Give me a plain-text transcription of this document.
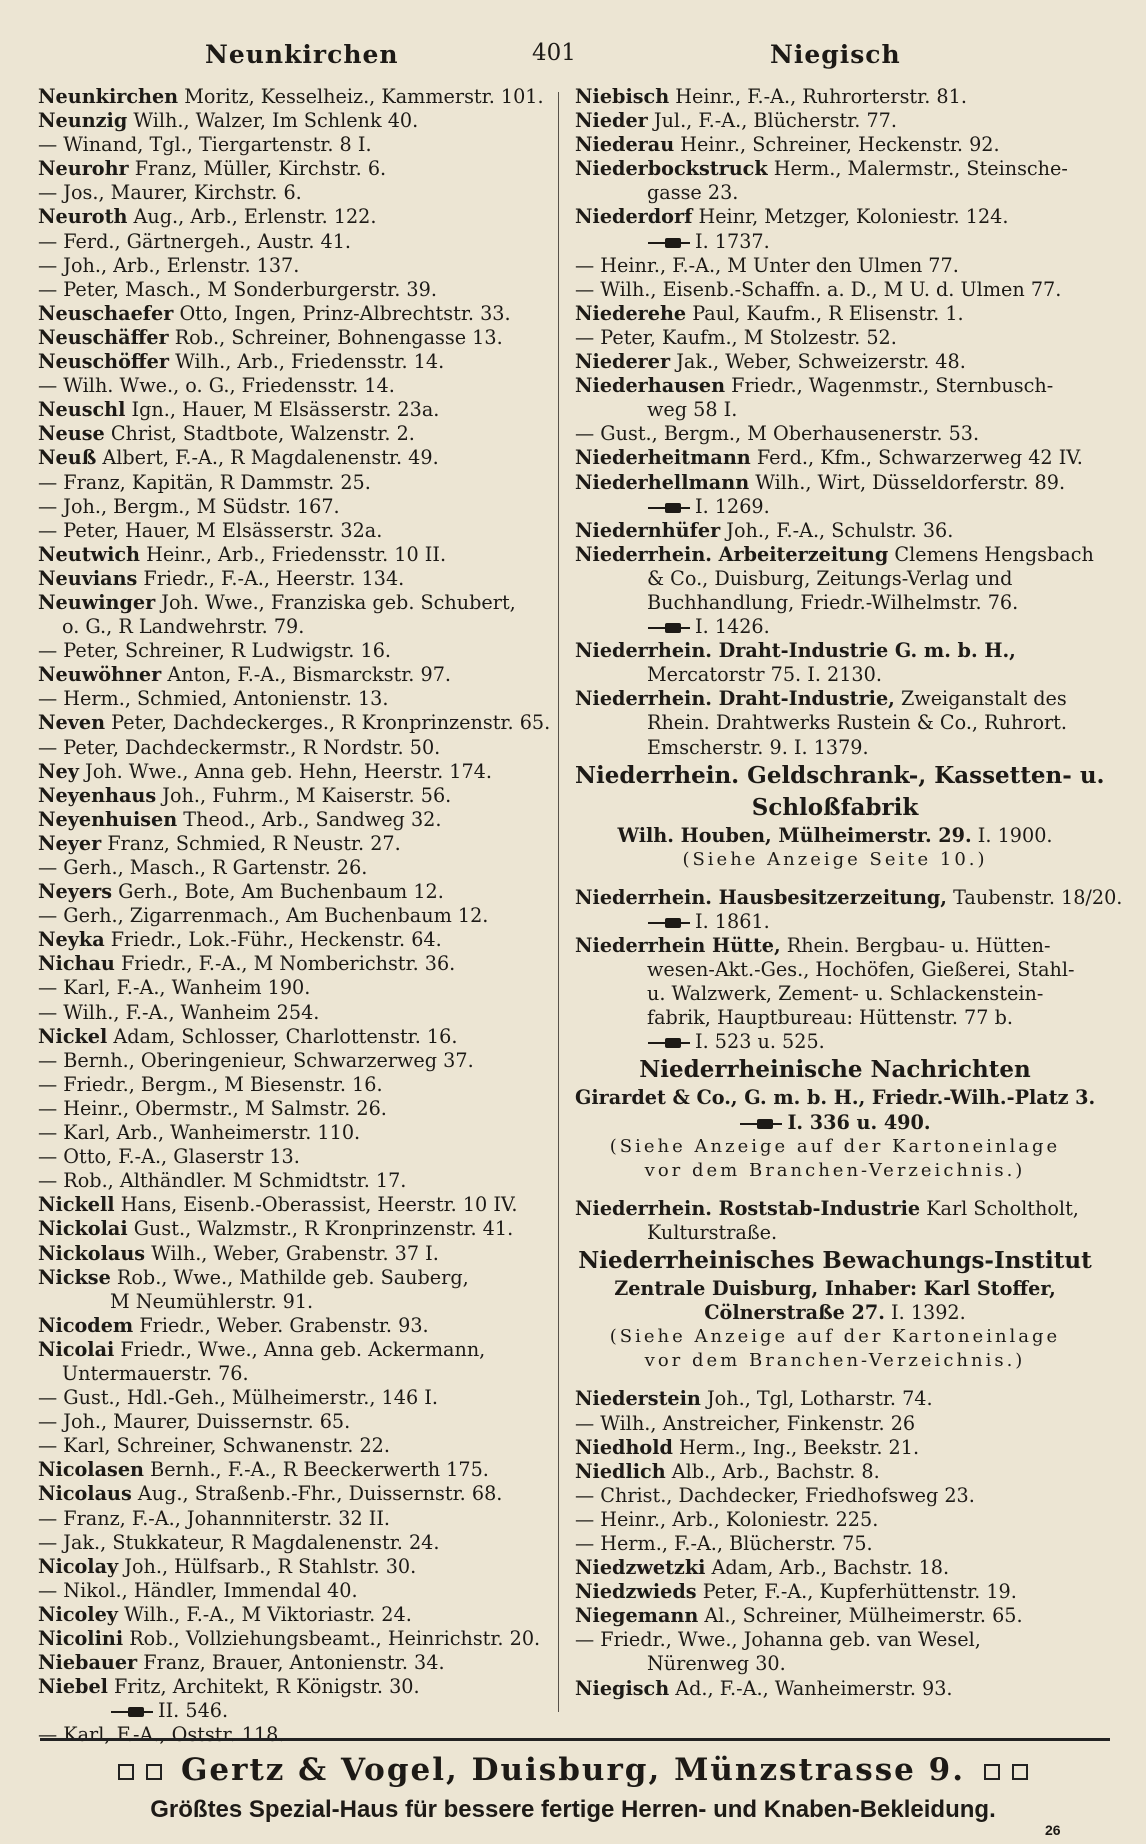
Neunkirchen	401	Niegisch
Neunkirchen Moritz, Kesselheiz., Kammerstr. 101.
Neunzig Wilh., Walzer, Im Schlenk 40.
— Winand, Tgl., Tiergartenstr. 8 I.
Neurohr Franz, Müller, Kirchstr. 6.
— Jos., Maurer, Kirchstr. 6.
Neuroth Aug., Arb., Erlenstr. 122.
— Ferd., Gärtnergeh., Austr. 41.
— Joh., Arb., Erlenstr. 137.
— Peter, Masch., M Sonderburgerstr. 39.
Neuschaefer Otto, Ingen, Prinz-Albrechtstr. 33.
Neuschäffer Rob., Schreiner, Bohnengasse 13.
Neuschöffer Wilh., Arb., Friedensstr. 14.
— Wilh. Wwe., o. G., Friedensstr. 14.
Neuschl Ign., Hauer, M Elsässerstr. 23a.
Neuse Christ, Stadtbote, Walzenstr. 2.
Neuß Albert, F.-A., R Magdalenenstr. 49.
— Franz, Kapitän, R Dammstr. 25.
— Joh., Bergm., M Südstr. 167.
— Peter, Hauer, M Elsässerstr. 32a.
Neutwich Heinr., Arb., Friedensstr. 10 II.
Neuvians Friedr., F.-A., Heerstr. 134.
Neuwinger Joh. Wwe., Franziska geb. Schubert,
o. G., R Landwehrstr. 79.
— Peter, Schreiner, R Ludwigstr. 16.
Neuwöhner Anton, F.-A., Bismarckstr. 97.
— Herm., Schmied, Antonienstr. 13.
Neven Peter, Dachdeckerges., R Kronprinzenstr. 65.
— Peter, Dachdeckermstr., R Nordstr. 50.
Ney Joh. Wwe., Anna geb. Hehn, Heerstr. 174.
Neyenhaus Joh., Fuhrm., M Kaiserstr. 56.
Neyenhuisen Theod., Arb., Sandweg 32.
Neyer Franz, Schmied, R Neustr. 27.
— Gerh., Masch., R Gartenstr. 26.
Neyers Gerh., Bote, Am Buchenbaum 12.
— Gerh., Zigarrenmach., Am Buchenbaum 12.
Neyka Friedr., Lok.-Führ., Heckenstr. 64.
Nichau Friedr., F.-A., M Nomberichstr. 36.
— Karl, F.-A., Wanheim 190.
— Wilh., F.-A., Wanheim 254.
Nickel Adam, Schlosser, Charlottenstr. 16.
— Bernh., Oberingenieur, Schwarzerweg 37.
— Friedr., Bergm., M Biesenstr. 16.
— Heinr., Obermstr., M Salmstr. 26.
— Karl, Arb., Wanheimerstr. 110.
— Otto, F.-A., Glaserstr 13.
— Rob., Althändler. M Schmidtstr. 17.
Nickell Hans, Eisenb.-Oberassist, Heerstr. 10 IV.
Nickolai Gust., Walzmstr., R Kronprinzenstr. 41.
Nickolaus Wilh., Weber, Grabenstr. 37 I.
Nickse Rob., Wwe., Mathilde geb. Sauberg,
M Neumühlerstr. 91.
Nicodem Friedr., Weber. Grabenstr. 93.
Nicolai Friedr., Wwe., Anna geb. Ackermann,
Untermauerstr. 76.
— Gust., Hdl.-Geh., Mülheimerstr., 146 I.
— Joh., Maurer, Duissernstr. 65.
— Karl, Schreiner, Schwanenstr. 22.
Nicolasen Bernh., F.-A., R Beeckerwerth 175.
Nicolaus Aug., Straßenb.-Fhr., Duissernstr. 68.
— Franz, F.-A., Johannniterstr. 32 II.
— Jak., Stukkateur, R Magdalenenstr. 24.
Nicolay Joh., Hülfsarb., R Stahlstr. 30.
— Nikol., Händler, Immendal 40.
Nicoley Wilh., F.-A., M Viktoriastr. 24.
Nicolini Rob., Vollziehungsbeamt., Heinrichstr. 20.
Niebauer Franz, Brauer, Antonienstr. 34.
Niebel Fritz, Architekt, R Königstr. 30.
II. 546.
— Karl, F.-A., Oststr. 118.
Niebisch Heinr., F.-A., Ruhrorterstr. 81.
Nieder Jul., F.-A., Blücherstr. 77.
Niederau Heinr., Schreiner, Heckenstr. 92.
Niederbockstruck Herm., Malermstr., Steinsche-
gasse 23.
Niederdorf Heinr, Metzger, Koloniestr. 124.
I. 1737.
— Heinr., F.-A., M Unter den Ulmen 77.
— Wilh., Eisenb.-Schaffn. a. D., M U. d. Ulmen 77.
Niederehe Paul, Kaufm., R Elisenstr. 1.
— Peter, Kaufm., M Stolzestr. 52.
Niederer Jak., Weber, Schweizerstr. 48.
Niederhausen Friedr., Wagenmstr., Sternbusch-
weg 58 I.
— Gust., Bergm., M Oberhausenerstr. 53.
Niederheitmann Ferd., Kfm., Schwarzerweg 42 IV.
Niederhellmann Wilh., Wirt, Düsseldorferstr. 89.
I. 1269.
Niedernhüfer Joh., F.-A., Schulstr. 36.
Niederrhein. Arbeiterzeitung Clemens Hengsbach
& Co., Duisburg, Zeitungs-Verlag und
Buchhandlung, Friedr.-Wilhelmstr. 76.
I. 1426.
Niederrhein. Draht-Industrie G. m. b. H.,
Mercatorstr 75. I. 2130.
Niederrhein. Draht-Industrie, Zweiganstalt des
Rhein. Drahtwerks Rustein & Co., Ruhrort.
Emscherstr. 9. I. 1379.
Niederrhein. Geldschrank-, Kassetten- u.
Schloßfabrik
Wilh. Houben, Mülheimerstr. 29. I. 1900.
(Siehe Anzeige Seite 10.)
Niederrhein. Hausbesitzerzeitung, Taubenstr. 18/20.
I. 1861.
Niederrhein Hütte, Rhein. Bergbau- u. Hütten-
wesen-Akt.-Ges., Hochöfen, Gießerei, Stahl-
u. Walzwerk, Zement- u. Schlackenstein-
fabrik, Hauptbureau: Hüttenstr. 77 b.
I. 523 u. 525.
Niederrheinische Nachrichten
Girardet & Co., G. m. b. H., Friedr.-Wilh.-Platz 3.
I. 336 u. 490.
(Siehe Anzeige auf der Kartoneinlage
vor dem Branchen-Verzeichnis.)
Niederrhein. Roststab-Industrie Karl Scholtholt,
Kulturstraße.
Niederrheinisches Bewachungs-Institut
Zentrale Duisburg, Inhaber: Karl Stoffer,
Cölnerstraße 27. I. 1392.
(Siehe Anzeige auf der Kartoneinlage
vor dem Branchen-Verzeichnis.)
Niederstein Joh., Tgl, Lotharstr. 74.
— Wilh., Anstreicher, Finkenstr. 26
Niedhold Herm., Ing., Beekstr. 21.
Niedlich Alb., Arb., Bachstr. 8.
— Christ., Dachdecker, Friedhofsweg 23.
— Heinr., Arb., Koloniestr. 225.
— Herm., F.-A., Blücherstr. 75.
Niedzwetzki Adam, Arb., Bachstr. 18.
Niedzwieds Peter, F.-A., Kupferhüttenstr. 19.
Niegemann Al., Schreiner, Mülheimerstr. 65.
— Friedr., Wwe., Johanna geb. van Wesel,
Nürenweg 30.
Niegisch Ad., F.-A., Wanheimerstr. 93.
Gertz & Vogel, Duisburg, Münzstrasse 9.
Größtes Spezial-Haus für bessere fertige Herren- und Knaben-Bekleidung.
26
